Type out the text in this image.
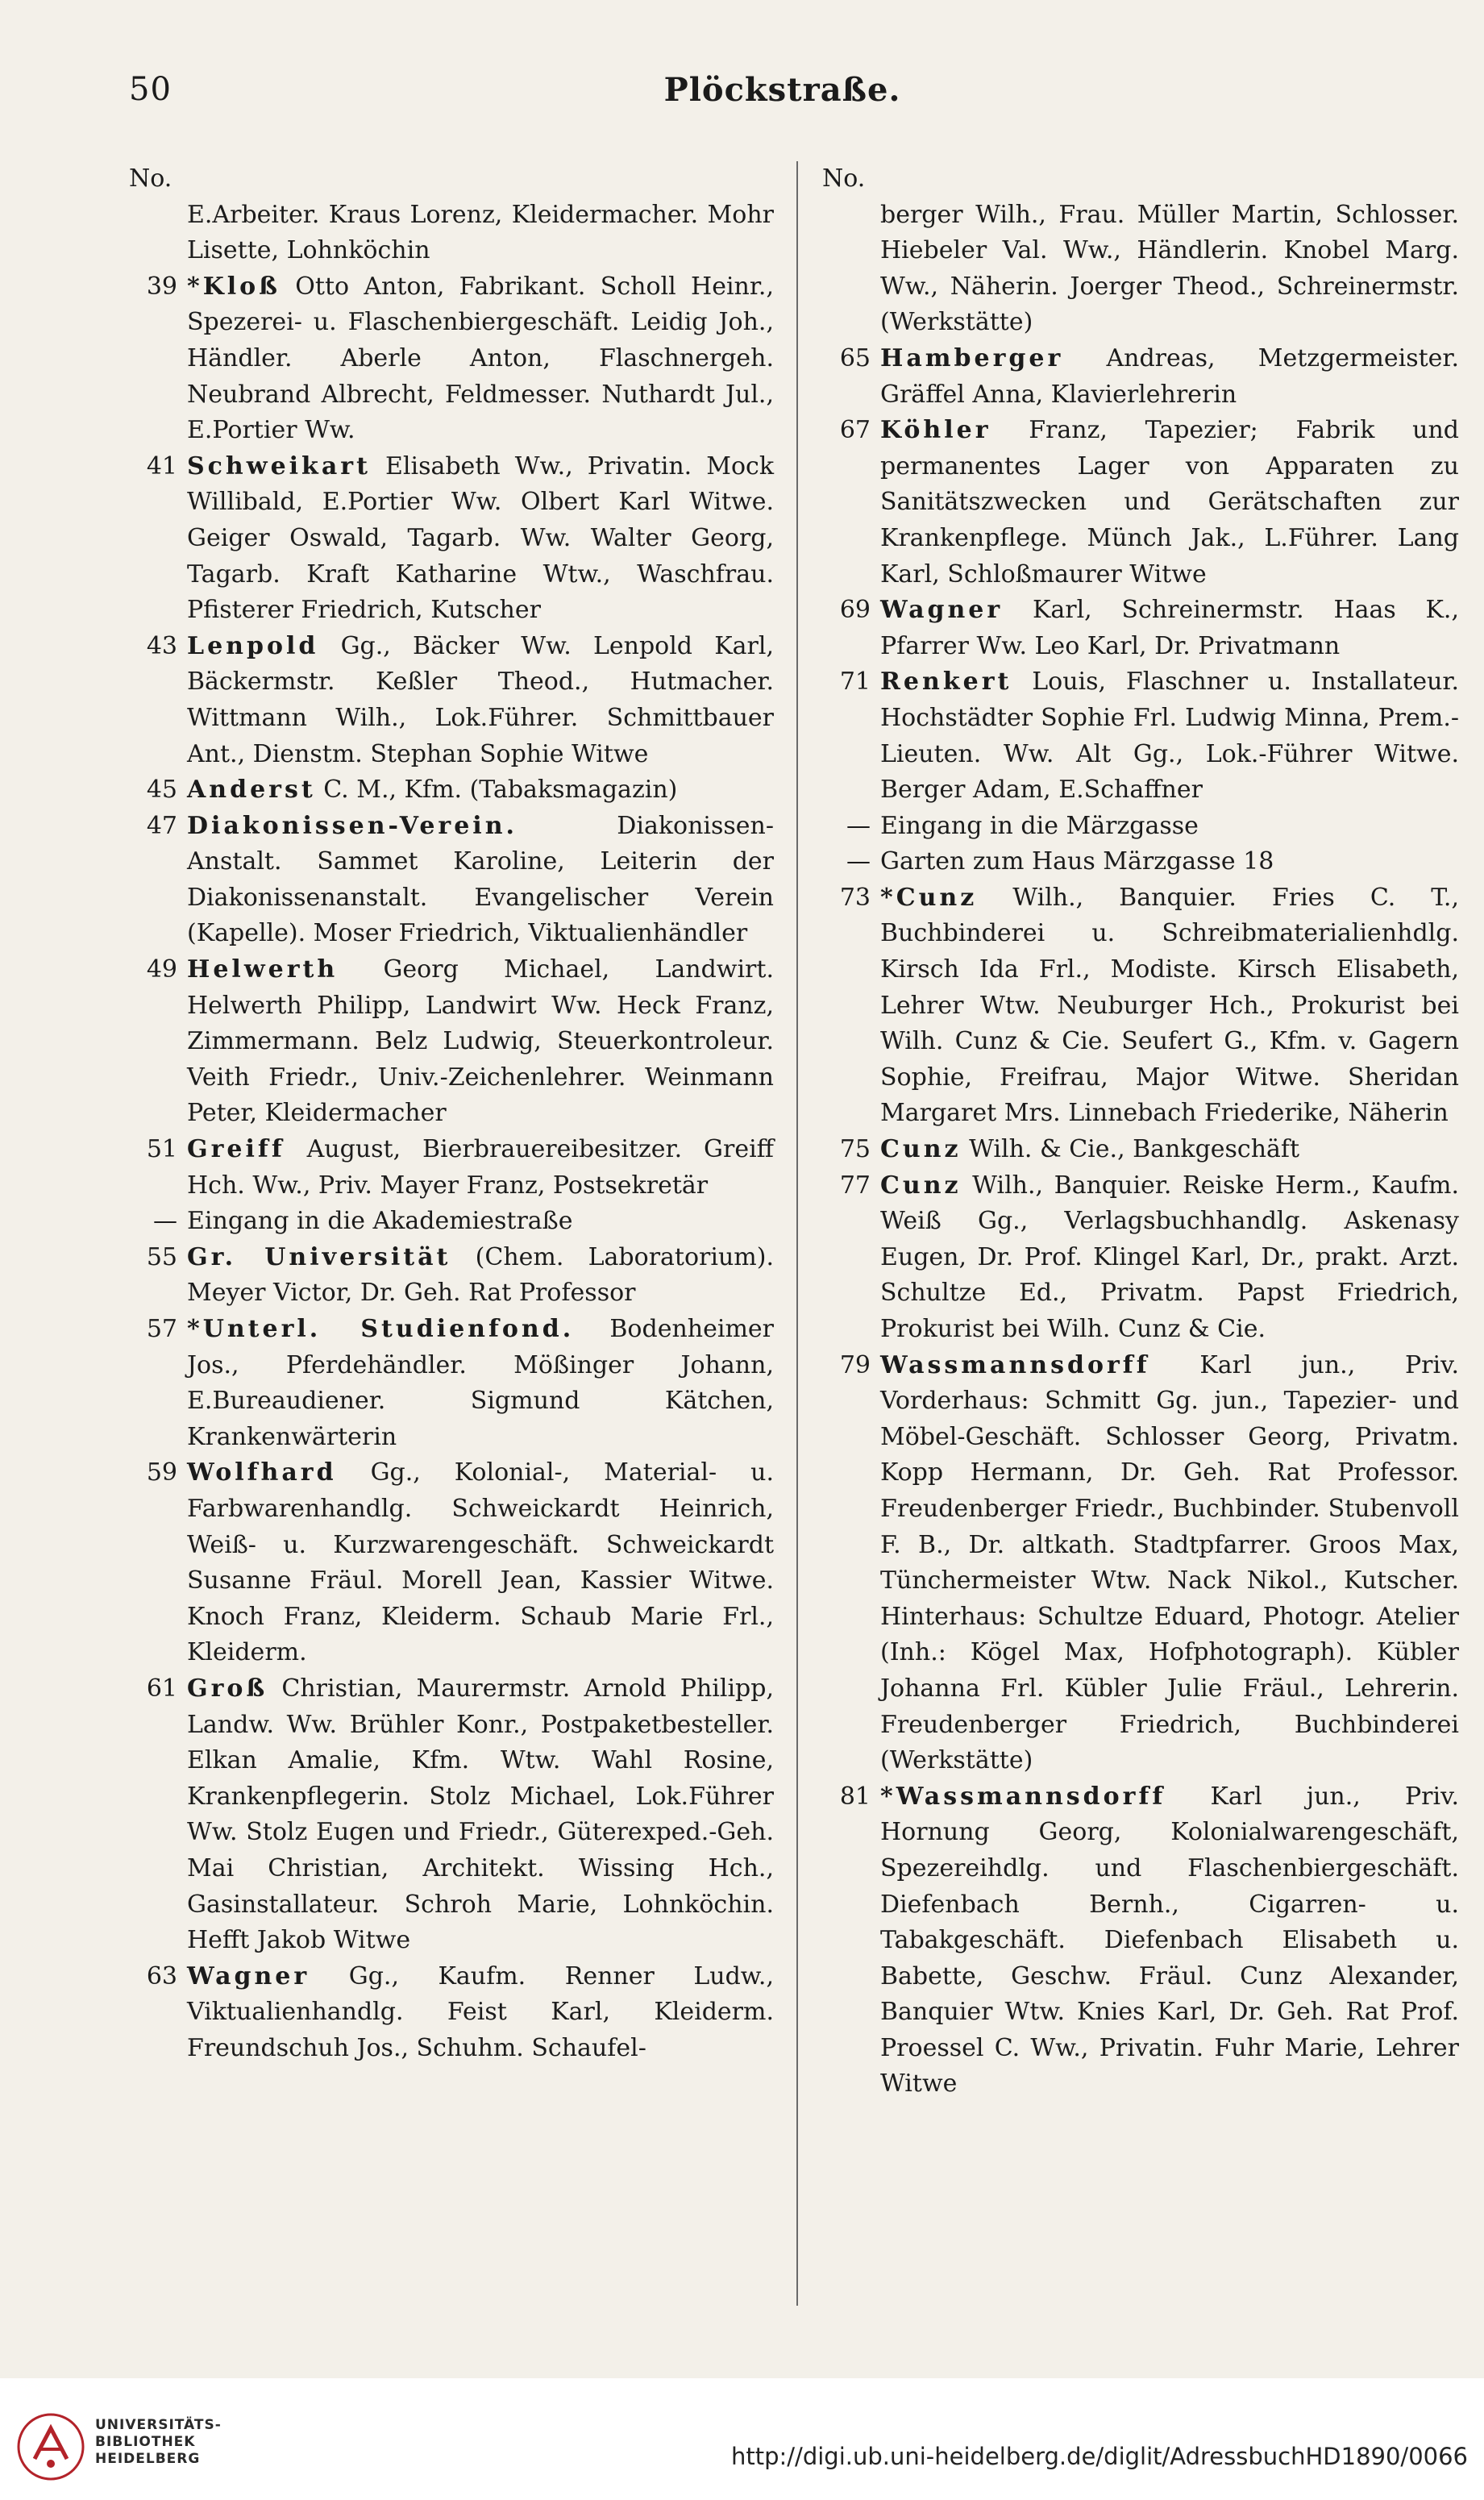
50	Plöckstraße.
No.
E.Arbeiter. Kraus Lorenz, Kleidermacher. Mohr Lisette, Lohnköchin
39 *Kloß Otto Anton, Fabrikant. Scholl Heinr., Spezerei- u. Flaschenbiergeschäft. Leidig Joh., Händler. Aberle Anton, Flaschnergeh. Neubrand Albrecht, Feldmesser. Nuthardt Jul., E.Portier Ww.
41 Schweikart Elisabeth Ww., Privatin. Mock Willibald, E.Portier Ww. Olbert Karl Witwe. Geiger Oswald, Tagarb. Ww. Walter Georg, Tagarb. Kraft Katharine Wtw., Waschfrau. Pfisterer Friedrich, Kutscher
43 Lenpold Gg., Bäcker Ww. Lenpold Karl, Bäckermstr. Keßler Theod., Hutmacher. Wittmann Wilh., Lok.Führer. Schmittbauer Ant., Dienstm. Stephan Sophie Witwe
45 Anderst C. M., Kfm. (Tabaksmagazin)
47 Diakonissen-Verein.	Diakonissen-Anstalt. Sammet Karoline, Leiterin der Diakonissenanstalt. Evangelischer Verein (Kapelle). Moser Friedrich, Viktualienhändler
49 Helwerth Georg Michael, Landwirt. Helwerth Philipp, Landwirt Ww. Heck Franz, Zimmermann. Belz Ludwig, Steuerkontroleur. Veith Friedr., Univ.-Zeichenlehrer. Weinmann Peter, Kleidermacher
51 Greiff August, Bierbrauereibesitzer. Greiff Hch. Ww., Priv. Mayer Franz, Postsekretär
— Eingang in die Akademiestraße
55 Gr. Universität (Chem. Laboratorium). Meyer Victor, Dr. Geh. Rat Professor
57 *Unterl. Studienfond. Bodenheimer Jos., Pferdehändler. Mößinger Johann, E.Bureaudiener. Sigmund Kätchen, Krankenwärterin
59 Wolfhard Gg., Kolonial-, Material- u. Farbwarenhandlg. Schweickardt Heinrich, Weiß- u. Kurzwarengeschäft. Schweickardt Susanne Fräul. Morell Jean, Kassier Witwe. Knoch Franz, Kleiderm. Schaub Marie Frl., Kleiderm.
61 Groß Christian, Maurermstr. Arnold Philipp, Landw. Ww. Brühler Konr., Postpaketbesteller. Elkan Amalie, Kfm. Wtw. Wahl Rosine, Krankenpflegerin. Stolz Michael, Lok.Führer Ww. Stolz Eugen und Friedr., Güterexped.-Geh. Mai Christian, Architekt. Wissing Hch., Gasinstallateur. Schroh Marie, Lohnköchin. Hefft Jakob Witwe
63 Wagner Gg., Kaufm. Renner Ludw., Viktualienhandlg. Feist Karl, Kleiderm. Freundschuh Jos., Schuhm. Schaufel-
No.
berger Wilh., Frau. Müller Martin, Schlosser. Hiebeler Val. Ww., Händlerin. Knobel Marg. Ww., Näherin. Joerger Theod., Schreinermstr. (Werkstätte)
65 Hamberger Andreas, Metzgermeister. Gräffel Anna, Klavierlehrerin
67 Köhler Franz, Tapezier; Fabrik und permanentes Lager von Apparaten zu Sanitätszwecken und Gerätschaften zur Krankenpflege. Münch Jak., L.Führer. Lang Karl, Schloßmaurer Witwe
69 Wagner Karl, Schreinermstr. Haas K., Pfarrer Ww. Leo Karl, Dr. Privatmann
71 Renkert Louis, Flaschner u. Installateur. Hochstädter Sophie Frl. Ludwig Minna, Prem.-Lieuten. Ww. Alt Gg., Lok.-Führer Witwe. Berger Adam, E.Schaffner
— Eingang in die Märzgasse
— Garten zum Haus Märzgasse 18
73 *Cunz Wilh., Banquier. Fries C. T., Buchbinderei u. Schreibmaterialienhdlg. Kirsch Ida Frl., Modiste. Kirsch Elisabeth, Lehrer Wtw. Neuburger Hch., Prokurist bei Wilh. Cunz & Cie. Seufert G., Kfm. v. Gagern Sophie, Freifrau, Major Witwe. Sheridan Margaret Mrs. Linnebach Friederike, Näherin
75 Cunz Wilh. & Cie., Bankgeschäft
77 Cunz Wilh., Banquier. Reiske Herm., Kaufm. Weiß Gg., Verlagsbuchhandlg. Askenasy Eugen, Dr. Prof. Klingel Karl, Dr., prakt. Arzt. Schultze Ed., Privatm. Papst Friedrich, Prokurist bei Wilh. Cunz & Cie.
79 Wassmannsdorff Karl jun., Priv. Vorderhaus: Schmitt Gg. jun., Tapezier- und Möbel-Geschäft. Schlosser Georg, Privatm. Kopp Hermann, Dr. Geh. Rat Professor. Freudenberger Friedr., Buchbinder. Stubenvoll F. B., Dr. altkath. Stadtpfarrer. Groos Max, Tünchermeister Wtw. Nack Nikol., Kutscher. Hinterhaus: Schultze Eduard, Photogr. Atelier (Inh.: Kögel Max, Hofphotograph). Kübler Johanna Frl. Kübler Julie Fräul., Lehrerin. Freudenberger Friedrich, Buchbinderei (Werkstätte)
81 *Wassmannsdorff Karl jun., Priv. Hornung Georg, Kolonialwarengeschäft, Spezereihdlg. und Flaschenbiergeschäft. Diefenbach Bernh., Cigarren- u. Tabakgeschäft. Diefenbach Elisabeth u. Babette, Geschw. Fräul. Cunz Alexander, Banquier Wtw. Knies Karl, Dr. Geh. Rat Prof. Proessel C. Ww., Privatin. Fuhr Marie, Lehrer Witwe
UNIVERSITÄTS-
BIBLIOTHEK
HEIDELBERG	http://digi.ub.uni-heidelberg.de/diglit/AdressbuchHD1890/0066
